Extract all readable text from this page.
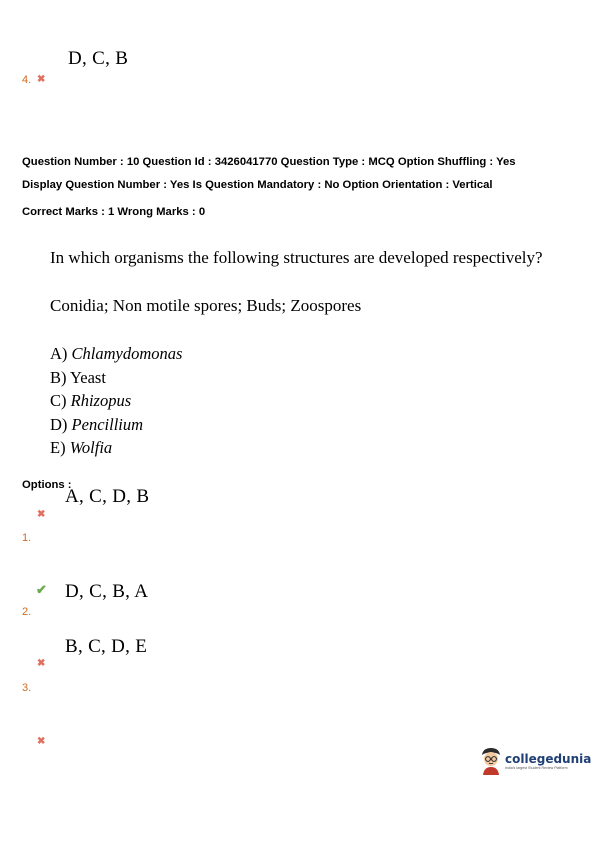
D, C, B
4. ✖
Question Number : 10 Question Id : 3426041770 Question Type : MCQ Option Shuffling : Yes
Display Question Number : Yes Is Question Mandatory : No Option Orientation : Vertical
Correct Marks : 1 Wrong Marks : 0
In which organisms the following structures are developed respectively?
Conidia; Non motile spores; Buds; Zoospores
A) Chlamydomonas
B) Yeast
C) Rhizopus
D) Pencillium
E) Wolfia
Options :
A, C, D, B
✖
1.
✔ D, C, B, A
2.
B, C, D, E
✖
3.
✖
collegedunia
India's largest Student Review Platform
